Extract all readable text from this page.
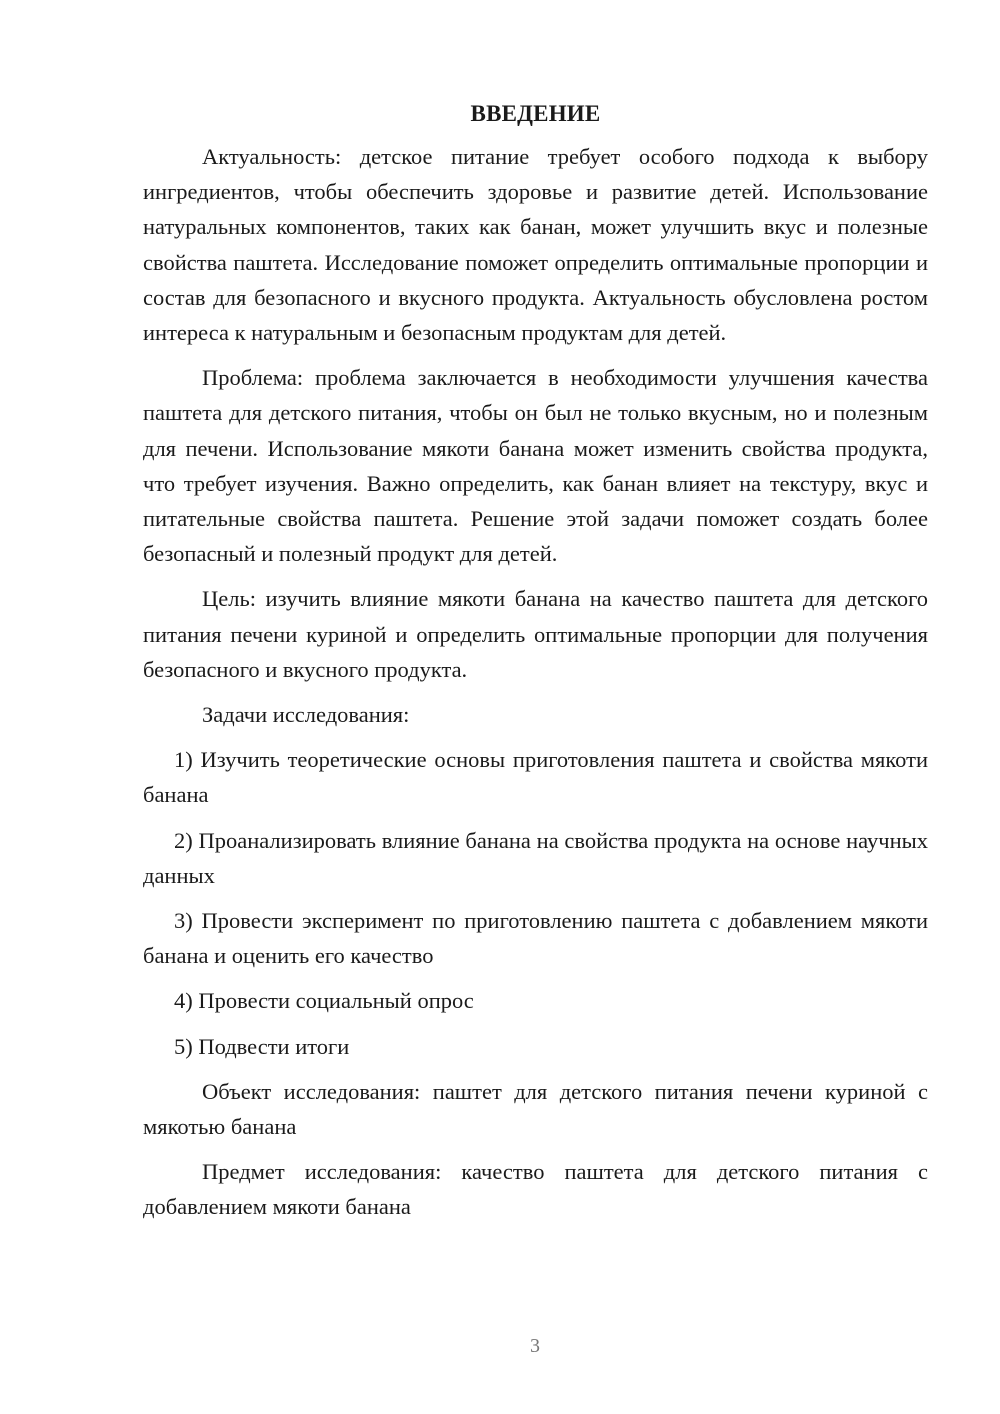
ВВЕДЕНИЕ

Актуальность: детское питание требует особого подхода к выбору ингредиентов, чтобы обеспечить здоровье и развитие детей. Использование натуральных компонентов, таких как банан, может улучшить вкус и полезные свойства паштета. Исследование поможет определить оптимальные пропорции и состав для безопасного и вкусного продукта. Актуальность обусловлена ростом интереса к натуральным и безопасным продуктам для детей.

Проблема: проблема заключается в необходимости улучшения качества паштета для детского питания, чтобы он был не только вкусным, но и полезным для печени. Использование мякоти банана может изменить свойства продукта, что требует изучения. Важно определить, как банан влияет на текстуру, вкус и питательные свойства паштета. Решение этой задачи поможет создать более безопасный и полезный продукт для детей.

Цель: изучить влияние мякоти банана на качество паштета для детского питания печени куриной и определить оптимальные пропорции для получения безопасного и вкусного продукта.

Задачи исследования:

1) Изучить теоретические основы приготовления паштета и свойства мякоти банана

2) Проанализировать влияние банана на свойства продукта на основе научных данных

3) Провести эксперимент по приготовлению паштета с добавлением мякоти банана и оценить его качество

4) Провести социальный опрос

5) Подвести итоги

Объект исследования: паштет для детского питания печени куриной с мякотью банана

Предмет исследования: качество паштета для детского питания с добавлением мякоти банана

3
